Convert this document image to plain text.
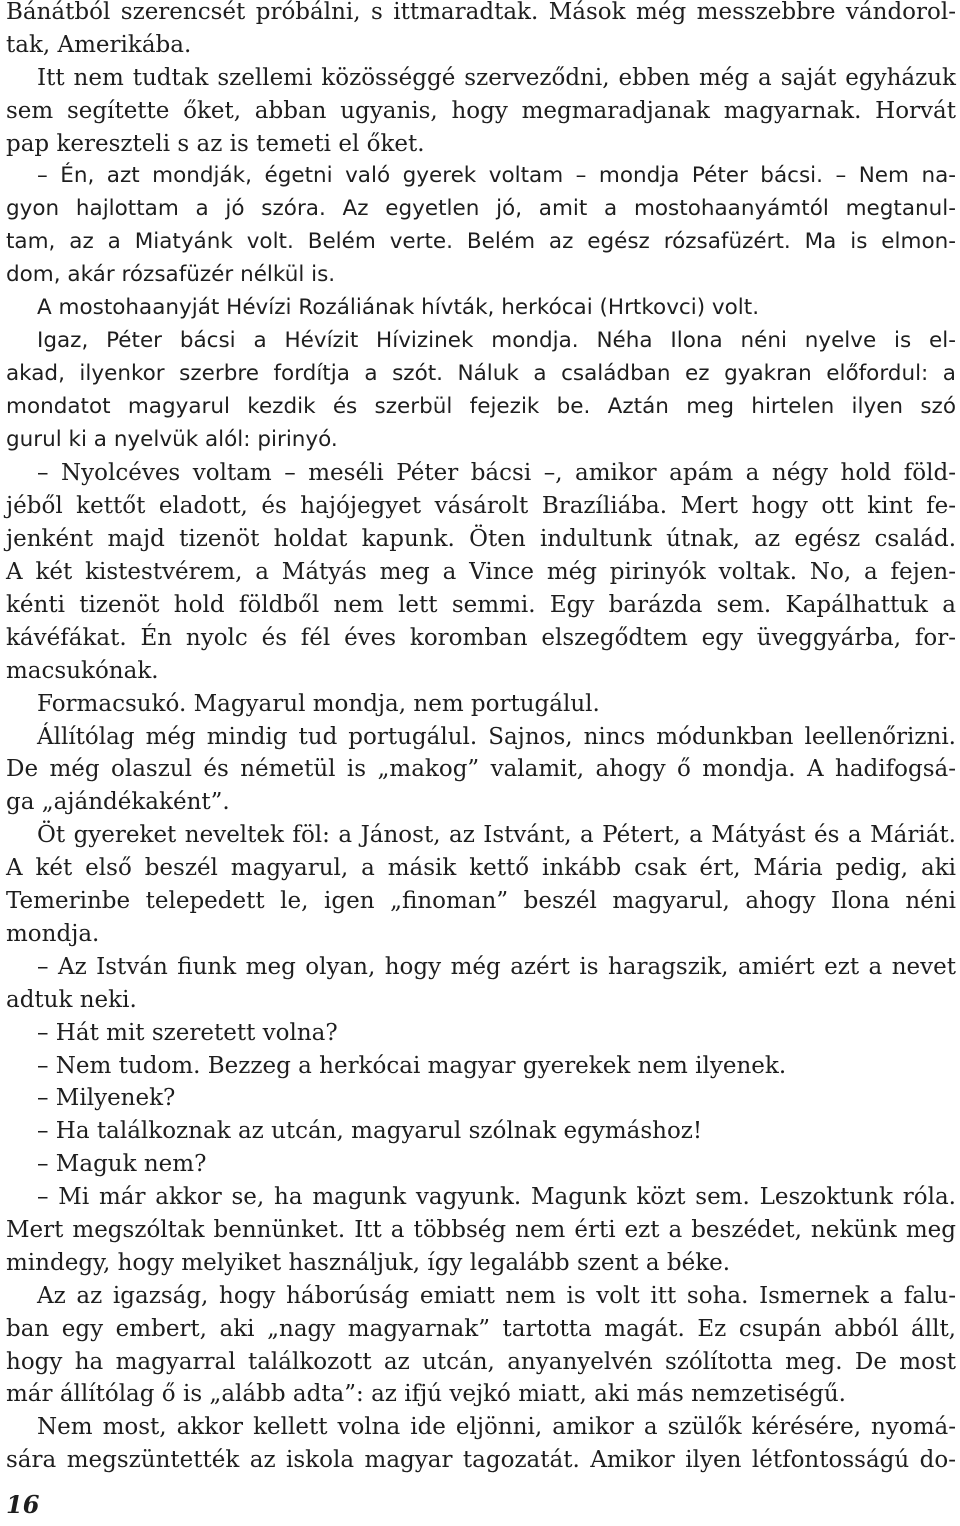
Bánátból szerencsét próbálni, s ittmaradtak. Mások még messzebbre vándorol-
tak, Amerikába.
Itt nem tudtak szellemi közösséggé szerveződni, ebben még a saját egyházuk
sem segítette őket, abban ugyanis, hogy megmaradjanak magyarnak. Horvát
pap kereszteli s az is temeti el őket.
– Én, azt mondják, égetni való gyerek voltam – mondja Péter bácsi. – Nem na-
gyon hajlottam a jó szóra. Az egyetlen jó, amit a mostohaanyámtól megtanul-
tam, az a Miatyánk volt. Belém verte. Belém az egész rózsafüzért. Ma is elmon-
dom, akár rózsafüzér nélkül is.
A mostohaanyját Hévízi Rozáliának hívták, herkócai (Hrtkovci) volt.
Igaz, Péter bácsi a Hévízit Hívizinek mondja. Néha Ilona néni nyelve is el-
akad, ilyenkor szerbre fordítja a szót. Náluk a családban ez gyakran előfordul: a
mondatot magyarul kezdik és szerbül fejezik be. Aztán meg hirtelen ilyen szó
gurul ki a nyelvük alól: pirinyó.
– Nyolcéves voltam – meséli Péter bácsi –, amikor apám a négy hold föld-
jéből kettőt eladott, és hajójegyet vásárolt Brazíliába. Mert hogy ott kint fe-
jenként majd tizenöt holdat kapunk. Öten indultunk útnak, az egész család.
A két kistestvérem, a Mátyás meg a Vince még pirinyók voltak. No, a fejen-
kénti tizenöt hold földből nem lett semmi. Egy barázda sem. Kapálhattuk a
kávéfákat. Én nyolc és fél éves koromban elszegődtem egy üveggyárba, for-
macsukónak.
Formacsukó. Magyarul mondja, nem portugálul.
Állítólag még mindig tud portugálul. Sajnos, nincs módunkban leellenőrizni.
De még olaszul és németül is „makog” valamit, ahogy ő mondja. A hadifogsá-
ga „ajándékaként”.
Öt gyereket neveltek föl: a Jánost, az Istvánt, a Pétert, a Mátyást és a Máriát.
A két első beszél magyarul, a másik kettő inkább csak ért, Mária pedig, aki
Temerinbe telepedett le, igen „finoman” beszél magyarul, ahogy Ilona néni
mondja.
– Az István fiunk meg olyan, hogy még azért is haragszik, amiért ezt a nevet
adtuk neki.
– Hát mit szeretett volna?
– Nem tudom. Bezzeg a herkócai magyar gyerekek nem ilyenek.
– Milyenek?
– Ha találkoznak az utcán, magyarul szólnak egymáshoz!
– Maguk nem?
– Mi már akkor se, ha magunk vagyunk. Magunk közt sem. Leszoktunk róla.
Mert megszóltak bennünket. Itt a többség nem érti ezt a beszédet, nekünk meg
mindegy, hogy melyiket használjuk, így legalább szent a béke.
Az az igazság, hogy háborúság emiatt nem is volt itt soha. Ismernek a falu-
ban egy embert, aki „nagy magyarnak” tartotta magát. Ez csupán abból állt,
hogy ha magyarral találkozott az utcán, anyanyelvén szólította meg. De most
már állítólag ő is „alább adta”: az ifjú vejkó miatt, aki más nemzetiségű.
Nem most, akkor kellett volna ide eljönni, amikor a szülők kérésére, nyomá-
sára megszüntették az iskola magyar tagozatát. Amikor ilyen létfontosságú do-
16
